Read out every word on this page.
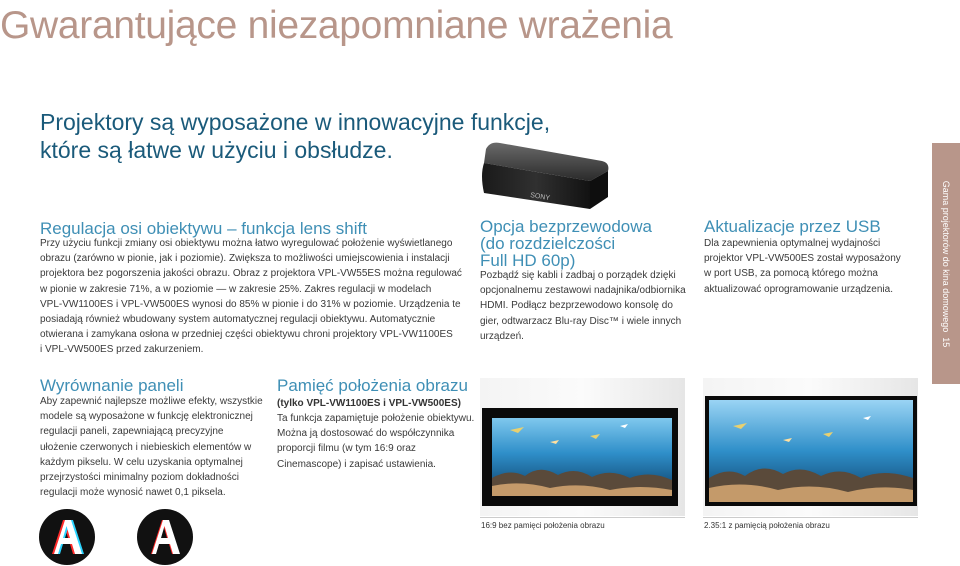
Gwarantujące niezapomniane wrażenia
Projektory są wyposażone w innowacyjne funkcje,
które są łatwe w użyciu i obsłudze.
SONY
Regulacja osi obiektywu – funkcja lens shift
Przy użyciu funkcji zmiany osi obiektywu można łatwo wyregulować położenie wyświetlanego
obrazu (zarówno w pionie, jak i poziomie). Zwiększa to możliwości umiejscowienia i instalacji
projektora bez pogorszenia jakości obrazu. Obraz z projektora VPL-VW55ES można regulować
w pionie w zakresie 71%, a w poziomie — w zakresie 25%. Zakres regulacji w modelach
VPL-VW1100ES i VPL-VW500ES wynosi do 85% w pionie i do 31% w poziomie. Urządzenia te
posiadają również wbudowany system automatycznej regulacji obiektywu. Automatycznie
otwierana i zamykana osłona w przedniej części obiektywu chroni projektory VPL-VW1100ES
i VPL-VW500ES przed zakurzeniem.
Opcja bezprzewodowa
(do rozdzielczości
Full HD 60p)
Pozbądź się kabli i zadbaj o porządek dzięki
opcjonalnemu zestawowi nadajnika/odbiornika
HDMI. Podłącz bezprzewodowo konsolę do
gier, odtwarzacz Blu-ray Disc™ i wiele innych
urządzeń.
Aktualizacje przez USB
Dla zapewnienia optymalnej wydajności
projektor VPL-VW500ES został wyposażony
w port USB, za pomocą którego można
aktualizować oprogramowanie urządzenia.	Gama projektorów do kina domowego  15
Wyrównanie paneli
Aby zapewnić najlepsze możliwe efekty, wszystkie
modele są wyposażone w funkcję elektronicznej
regulacji paneli, zapewniającą precyzyjne
ułożenie czerwonych i niebieskich elementów w
każdym pikselu. W celu uzyskania optymalnej
przejrzystości minimalny poziom dokładności
regulacji może wynosić nawet 0,1 piksela.
Pamięć położenia obrazu
(tylko VPL-VW1100ES i VPL-VW500ES)
Ta funkcja zapamiętuje położenie obiektywu.
Można ją dostosować do współczynnika
proporcji filmu (w tym 16:9 oraz
Cinemascope) i zapisać ustawienia.
16:9 bez pamięci położenia obrazu	2.35:1 z pamięcią położenia obrazu
